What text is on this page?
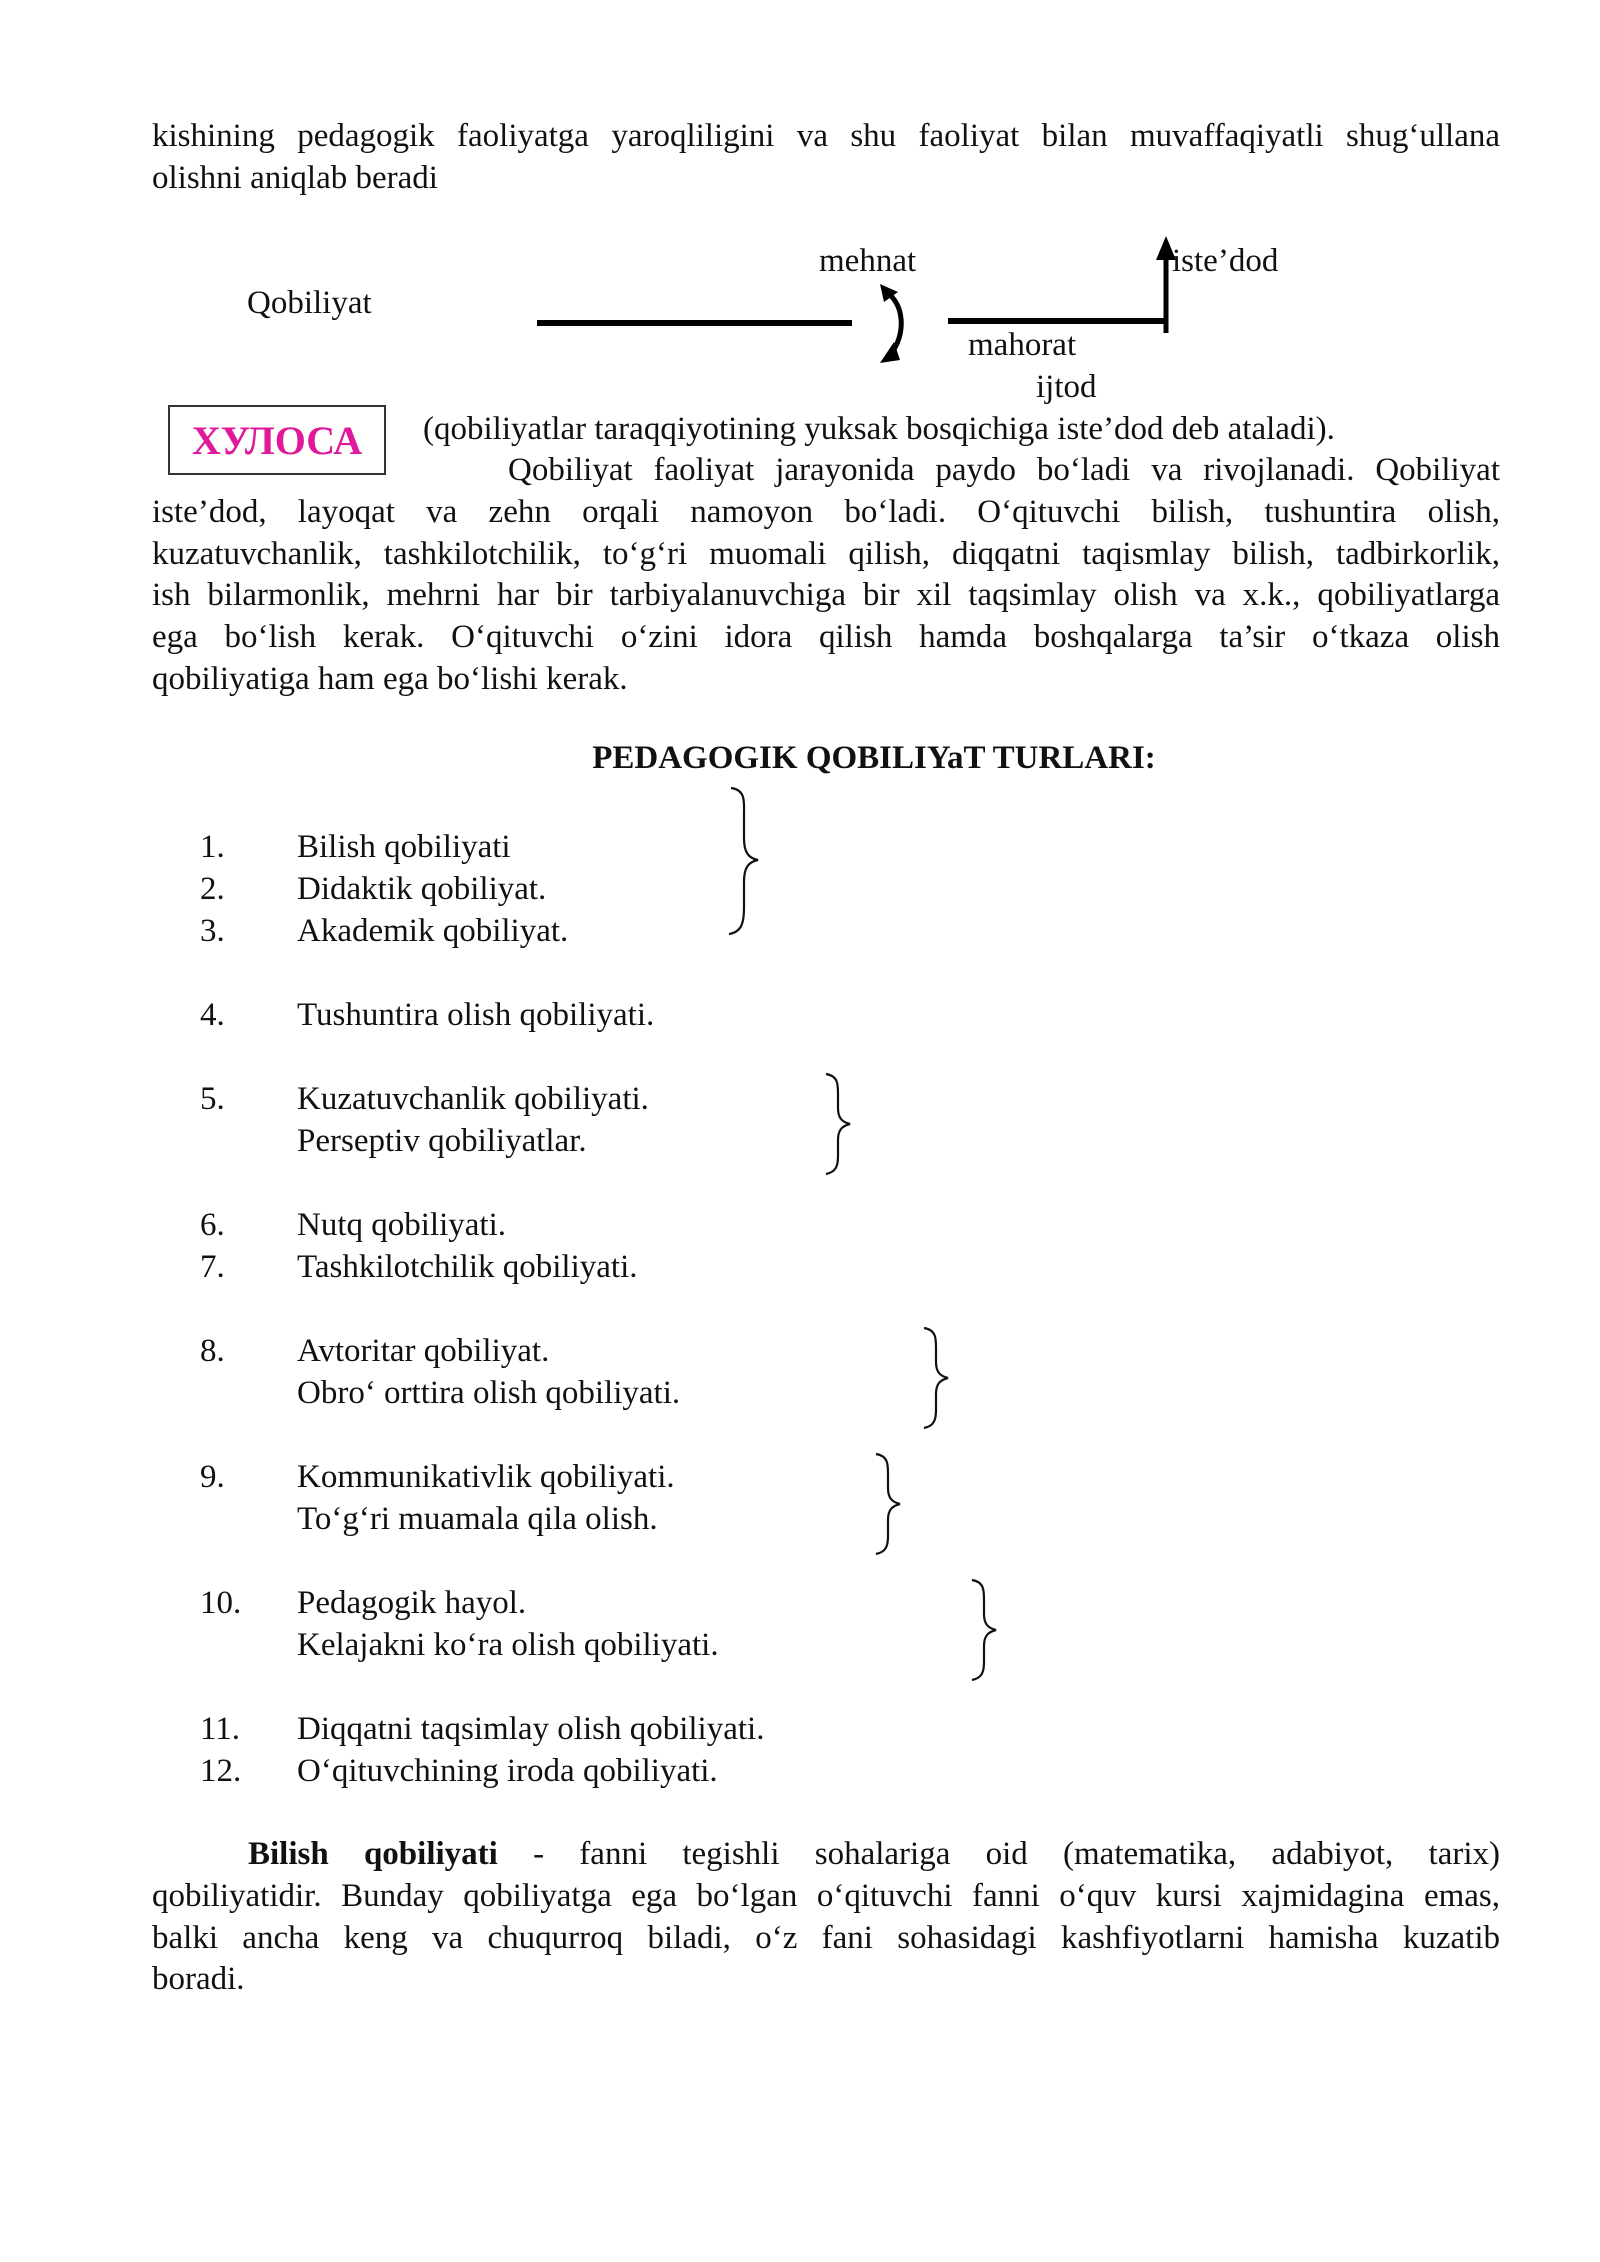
kishining pedagogik faoliyatga yaroqliligini va shu faoliyat bilan muvaffaqiyatli shug‘ullana
olishni aniqlab beradi
Qobiliyat
mehnat
mahorat
ijtod
iste’dod
ХУЛОСА	(qobiliyatlar taraqqiyotining yuksak bosqichiga iste’dod deb ataladi).
Qobiliyat faoliyat jarayonida paydo bo‘ladi va rivojlanadi. Qobiliyat
iste’dod, layoqat va zehn orqali namoyon bo‘ladi. O‘qituvchi bilish, tushuntira olish,
kuzatuvchanlik, tashkilotchilik, to‘g‘ri muomali qilish, diqqatni taqismlay bilish, tadbirkorlik,
ish bilarmonlik, mehrni har bir tarbiyalanuvchiga bir xil taqsimlay olish va x.k., qobiliyatlarga
ega bo‘lish kerak. O‘qituvchi o‘zini idora qilish hamda boshqalarga ta’sir o‘tkaza olish
qobiliyatiga ham ega bo‘lishi kerak.
PEDAGOGIK QOBILIYaT TURLARI:
1. Bilish qobiliyati
2. Didaktik qobiliyat.
3. Akademik qobiliyat.
4. Tushuntira olish qobiliyati.
5. Kuzatuvchanlik qobiliyati.
Perseptiv qobiliyatlar.
6. Nutq qobiliyati.
7. Tashkilotchilik qobiliyati.
8. Avtoritar qobiliyat.
Obro‘ orttira olish qobiliyati.
9. Kommunikativlik qobiliyati.
To‘g‘ri muamala qila olish.
10. Pedagogik hayol.
Kelajakni ko‘ra olish qobiliyati.
11. Diqqatni taqsimlay olish qobiliyati.
12. O‘qituvchining iroda qobiliyati.
Bilish qobiliyati - fanni tegishli sohalariga oid (matematika, adabiyot, tarix)
qobiliyatidir. Bunday qobiliyatga ega bo‘lgan o‘qituvchi fanni o‘quv kursi xajmidagina emas,
balki ancha keng va chuqurroq biladi, o‘z fani sohasidagi kashfiyotlarni hamisha kuzatib
boradi.
